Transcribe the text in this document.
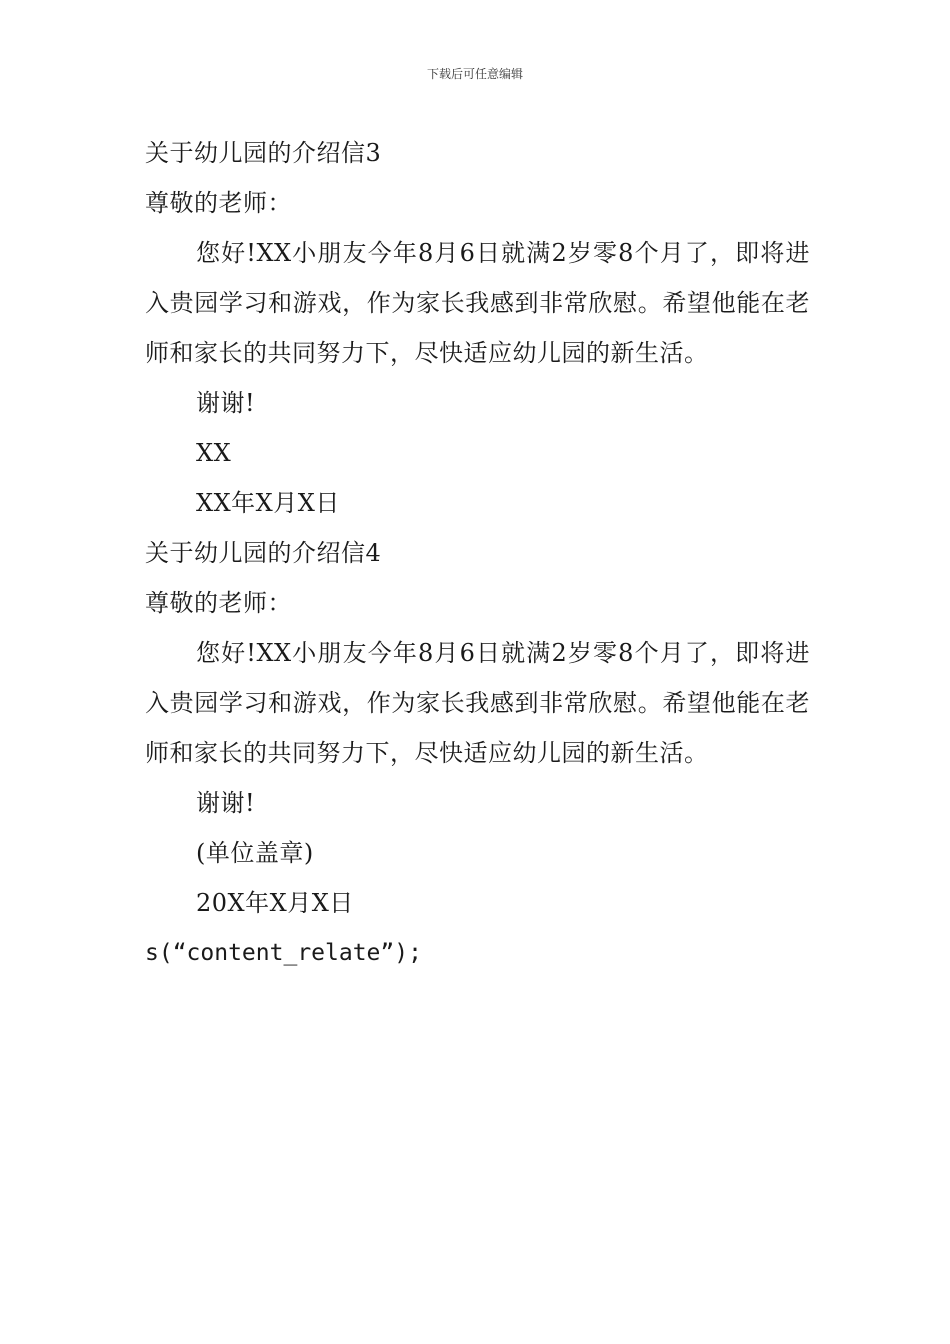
下载后可任意编辑
关于幼儿园的介绍信3
尊敬的老师：
您好!XX小朋友今年8月6日就满2岁零8个月了，即将进入贵园学习和游戏，作为家长我感到非常欣慰。希望他能在老师和家长的共同努力下，尽快适应幼儿园的新生活。
谢谢!
XX
XX年X月X日
关于幼儿园的介绍信4
尊敬的老师：
您好!XX小朋友今年8月6日就满2岁零8个月了，即将进入贵园学习和游戏，作为家长我感到非常欣慰。希望他能在老师和家长的共同努力下，尽快适应幼儿园的新生活。
谢谢!
(单位盖章)
20X年X月X日
s(“content_relate”);
